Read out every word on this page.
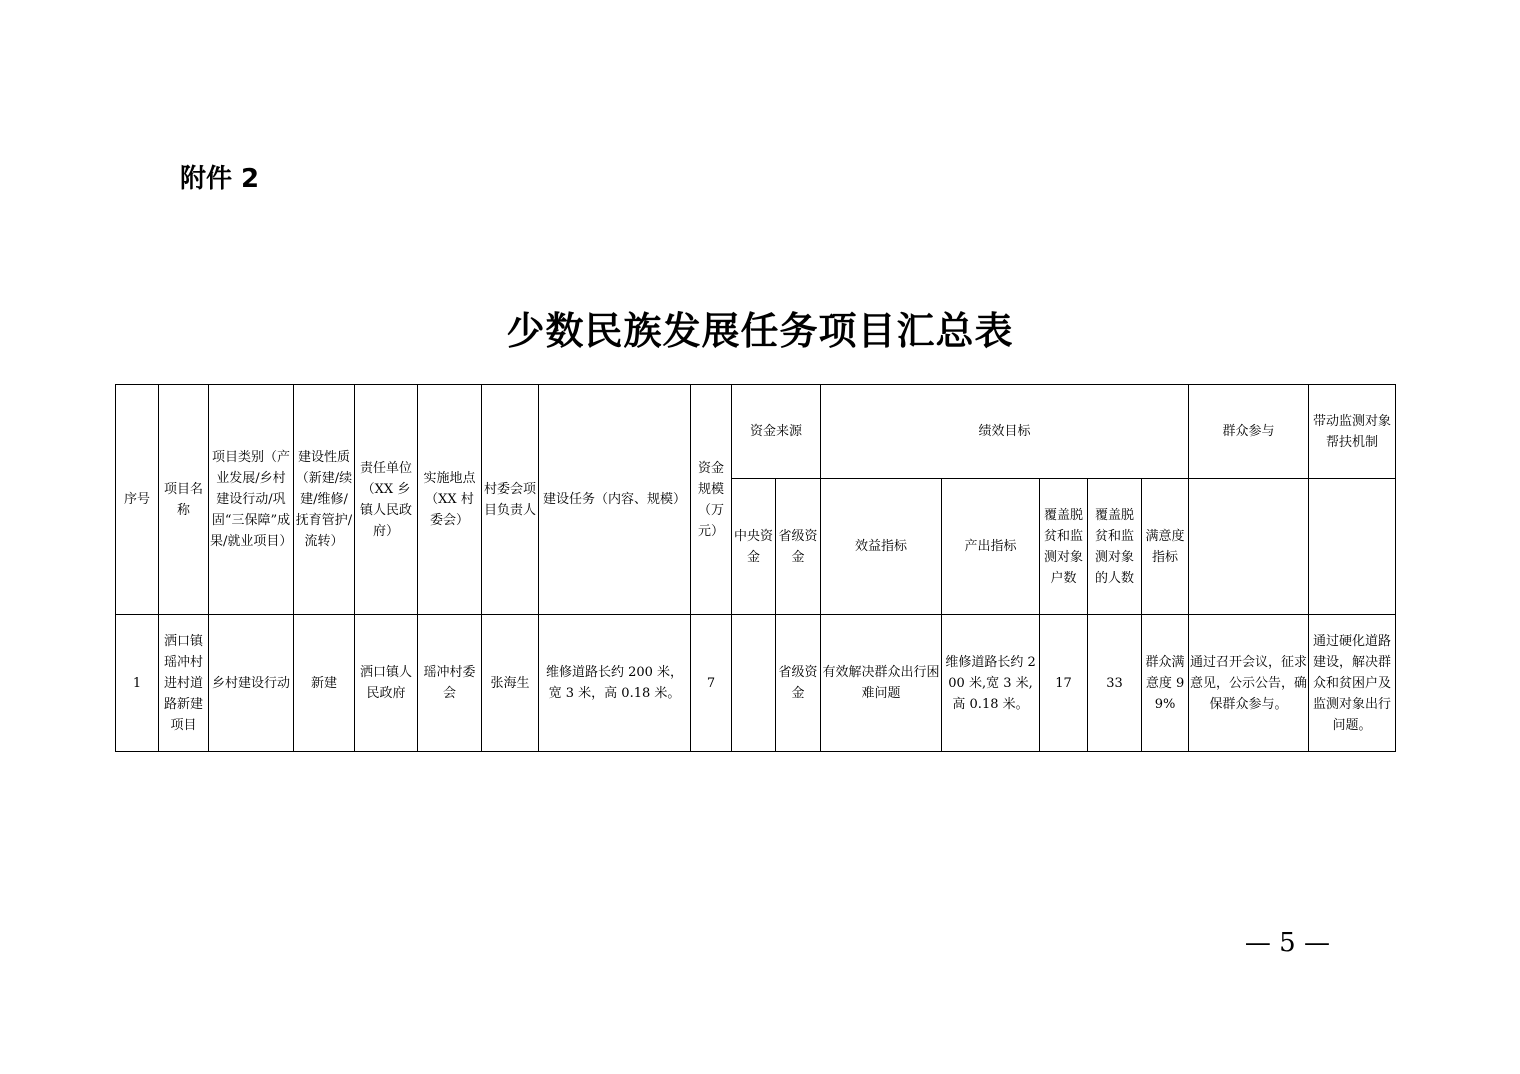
附件 2
少数民族发展任务项目汇总表
序号	项目名称	项目类别（产业发展/乡村建设行动/巩固“三保障”成果/就业项目）	建设性质（新建/续建/维修/抚育管护/流转）	责任单位（XX 乡镇人民政府）	实施地点（XX 村委会）	村委会项目负责人	建设任务（内容、规模）	资金规模（万元）	资金来源		绩效目标					群众参与	带动监测对象帮扶机制
									中央资金	省级资金	效益指标	产出指标	覆盖脱贫和监测对象户数	覆盖脱贫和监测对象的人数	满意度指标		
1	洒口镇瑶冲村进村道路新建项目	乡村建设行动	新建	洒口镇人民政府	瑶冲村委会	张海生	维修道路长约 200 米，宽 3 米，高 0.18 米。	7		省级资金	有效解决群众出行困难问题	维修道路长约 200 米,宽 3 米,高 0.18 米。	17	33	群众满意度 99%	通过召开会议，征求意见，公示公告，确保群众参与。	通过硬化道路建设，解决群众和贫困户及监测对象出行问题。
— 5 —
